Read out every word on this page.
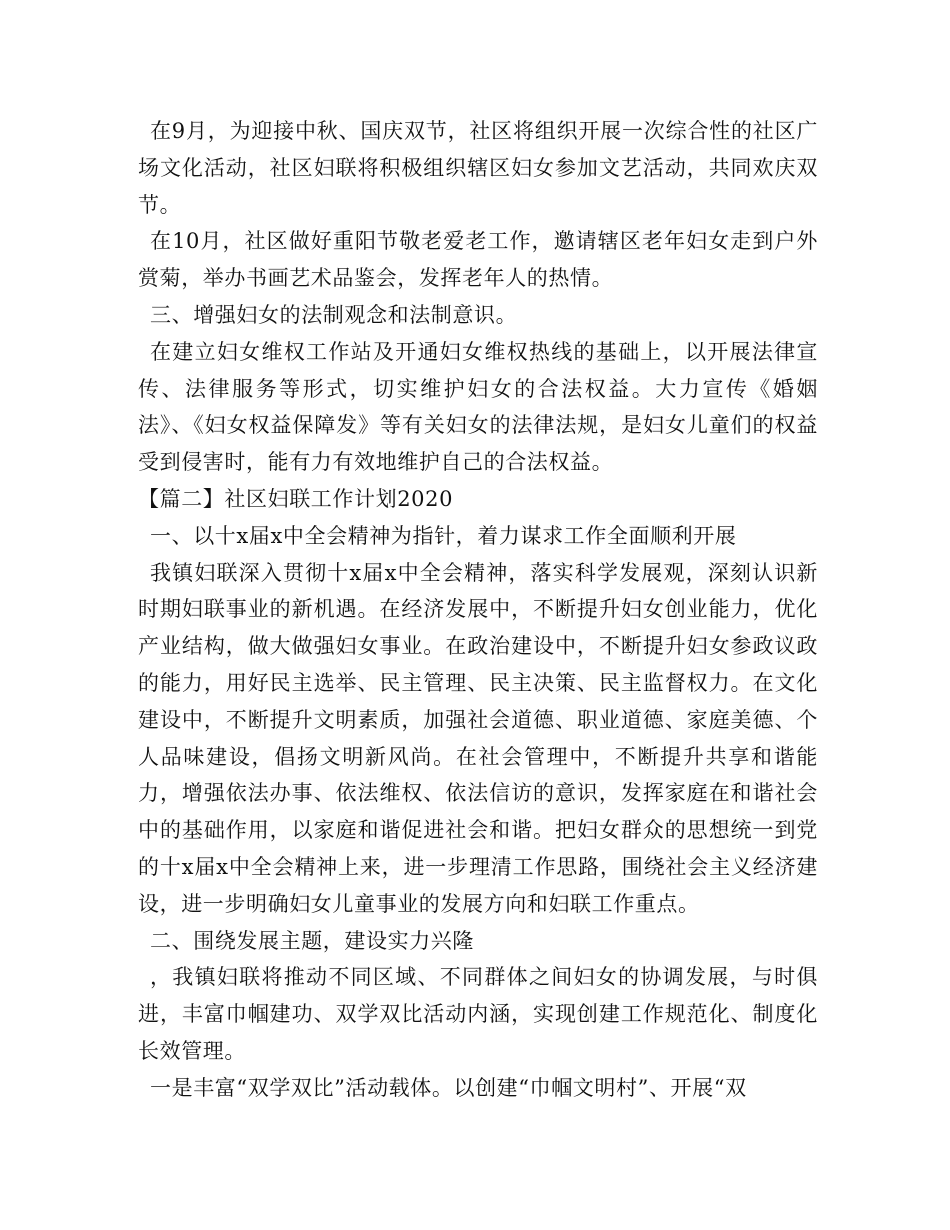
在9月，为迎接中秋、国庆双节，社区将组织开展一次综合性的社区广场文化活动，社区妇联将积极组织辖区妇女参加文艺活动，共同欢庆双节。

在10月，社区做好重阳节敬老爱老工作，邀请辖区老年妇女走到户外赏菊，举办书画艺术品鉴会，发挥老年人的热情。

三、增强妇女的法制观念和法制意识。

在建立妇女维权工作站及开通妇女维权热线的基础上，以开展法律宣传、法律服务等形式，切实维护妇女的合法权益。大力宣传《婚姻法》、《妇女权益保障发》等有关妇女的法律法规，是妇女儿童们的权益受到侵害时，能有力有效地维护自己的合法权益。

【篇二】社区妇联工作计划2020

一、以十x届x中全会精神为指针，着力谋求工作全面顺利开展

我镇妇联深入贯彻十x届x中全会精神，落实科学发展观，深刻认识新时期妇联事业的新机遇。在经济发展中，不断提升妇女创业能力，优化产业结构，做大做强妇女事业。在政治建设中，不断提升妇女参政议政的能力，用好民主选举、民主管理、民主决策、民主监督权力。在文化建设中，不断提升文明素质，加强社会道德、职业道德、家庭美德、个人品味建设，倡扬文明新风尚。在社会管理中，不断提升共享和谐能力，增强依法办事、依法维权、依法信访的意识，发挥家庭在和谐社会中的基础作用，以家庭和谐促进社会和谐。把妇女群众的思想统一到党的十x届x中全会精神上来，进一步理清工作思路，围绕社会主义经济建设，进一步明确妇女儿童事业的发展方向和妇联工作重点。

二、围绕发展主题，建设实力兴隆

，我镇妇联将推动不同区域、不同群体之间妇女的协调发展，与时俱进，丰富巾帼建功、双学双比活动内涵，实现创建工作规范化、制度化长效管理。

一是丰富“双学双比”活动载体。以创建“巾帼文明村”、开展“双
